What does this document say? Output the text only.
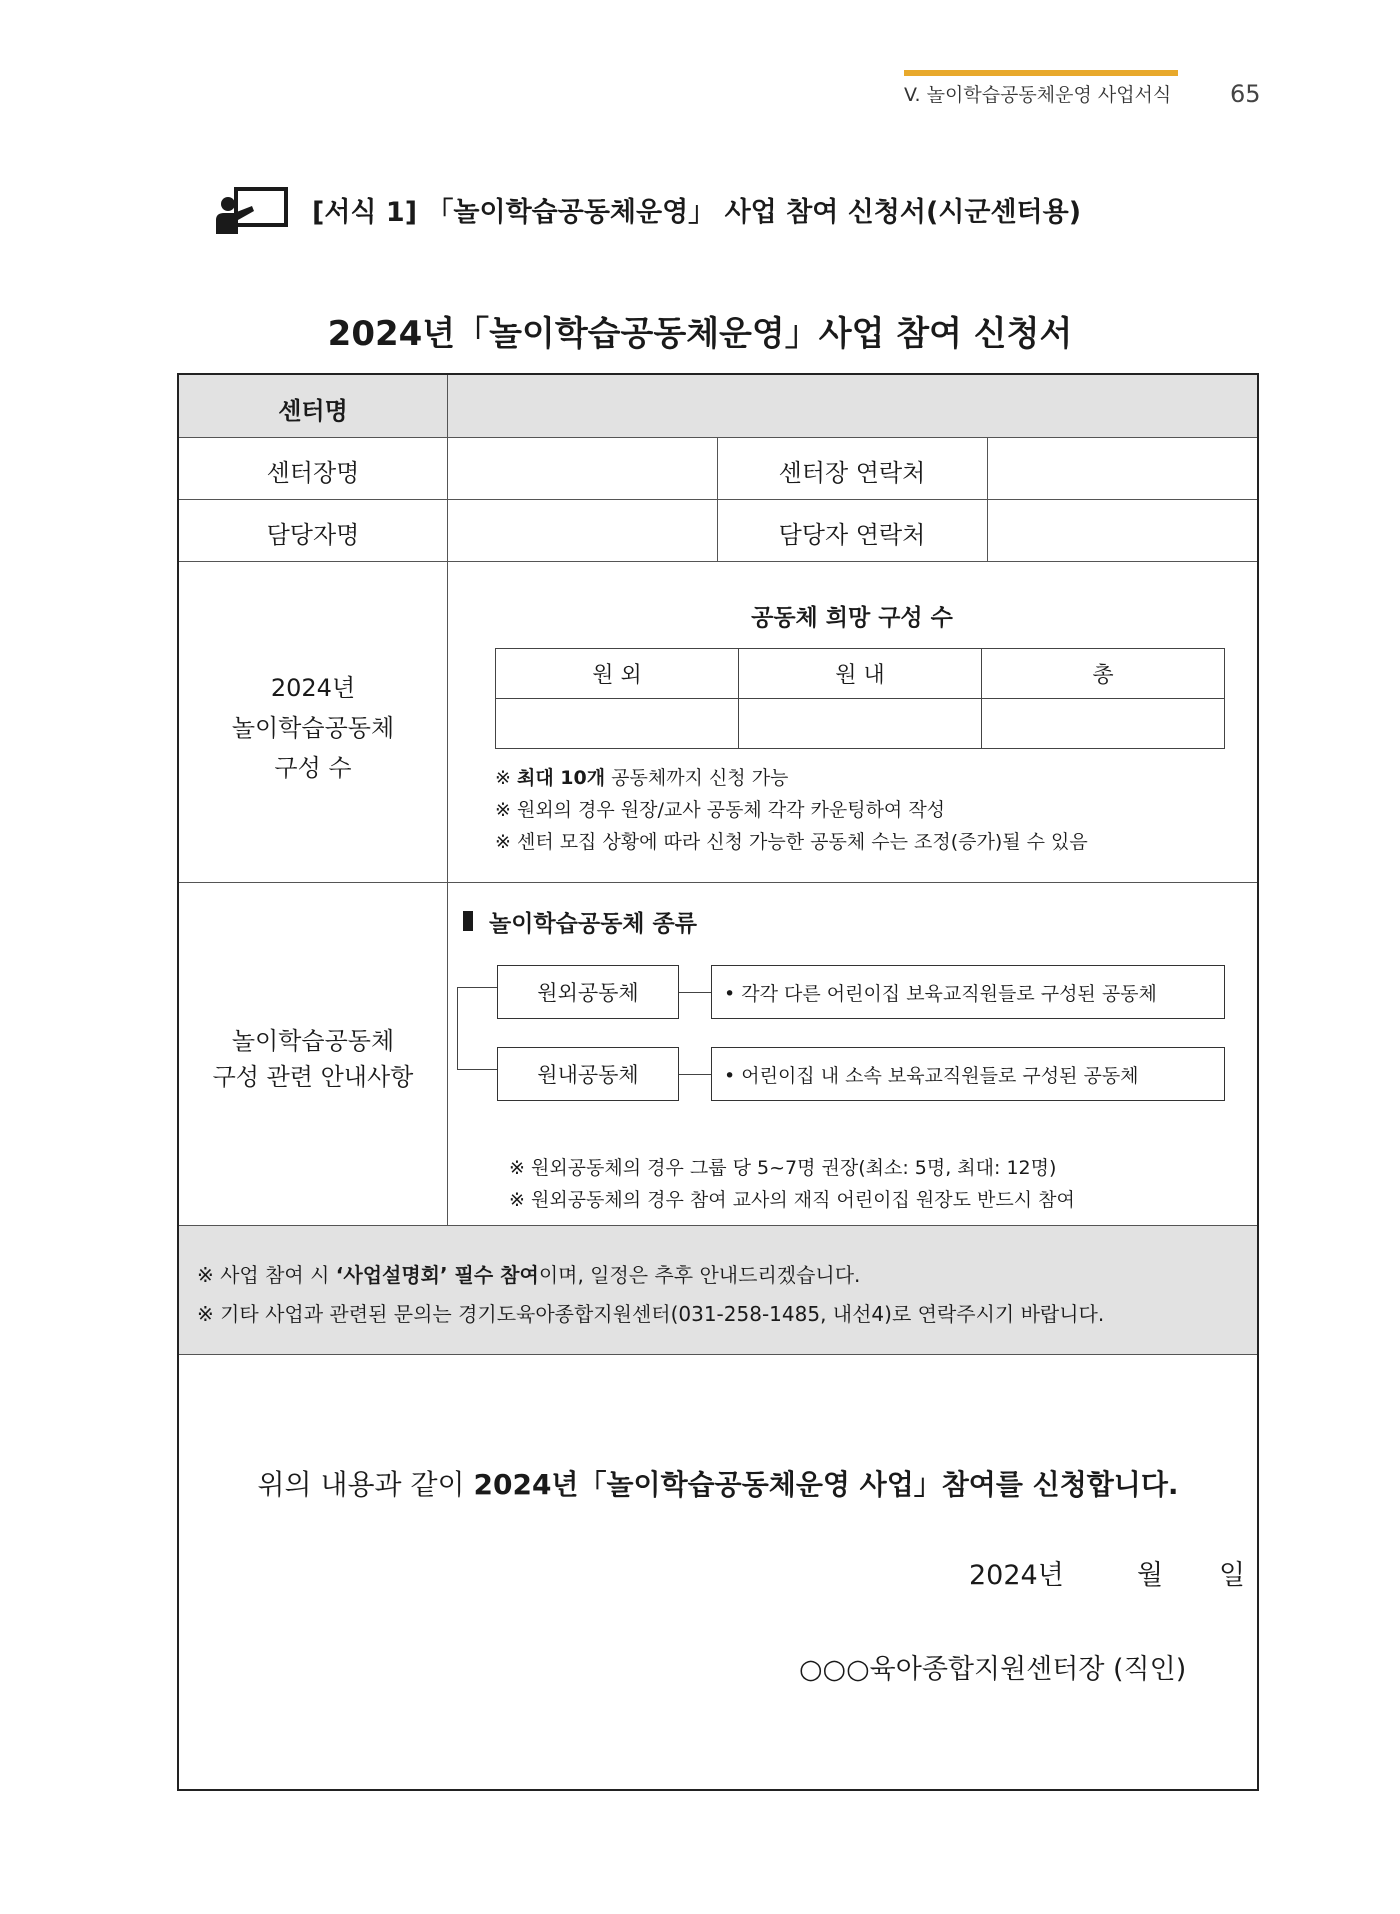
V. 놀이학습공동체운영 사업서식 65
[서식 1] 「놀이학습공동체운영」 사업 참여 신청서(시군센터용)
2024년「놀이학습공동체운영」사업 참여 신청서
센터명
센터장명	센터장 연락처
담당자명	담당자 연락처
2024년
놀이학습공동체
구성 수
공동체 희망 구성 수
원 외	원 내	총

※ 최대 10개 공동체까지 신청 가능
※ 원외의 경우 원장/교사 공동체 각각 카운팅하여 작성
※ 센터 모집 상황에 따라 신청 가능한 공동체 수는 조정(증가)될 수 있음
놀이학습공동체
구성 관련 안내사항
놀이학습공동체 종류
원외공동체	• 각각 다른 어린이집 보육교직원들로 구성된 공동체
원내공동체	• 어린이집 내 소속 보육교직원들로 구성된 공동체
※ 원외공동체의 경우 그룹 당 5~7명 권장(최소: 5명, 최대: 12명)
※ 원외공동체의 경우 참여 교사의 재직 어린이집 원장도 반드시 참여
※ 사업 참여 시 ‘사업설명회’ 필수 참여이며, 일정은 추후 안내드리겠습니다.
※ 기타 사업과 관련된 문의는 경기도육아종합지원센터(031-258-1485, 내선4)로 연락주시기 바랍니다.
위의 내용과 같이 2024년「놀이학습공동체운영 사업」참여를 신청합니다.
2024년	월 일
○○○육아종합지원센터장 (직인)
